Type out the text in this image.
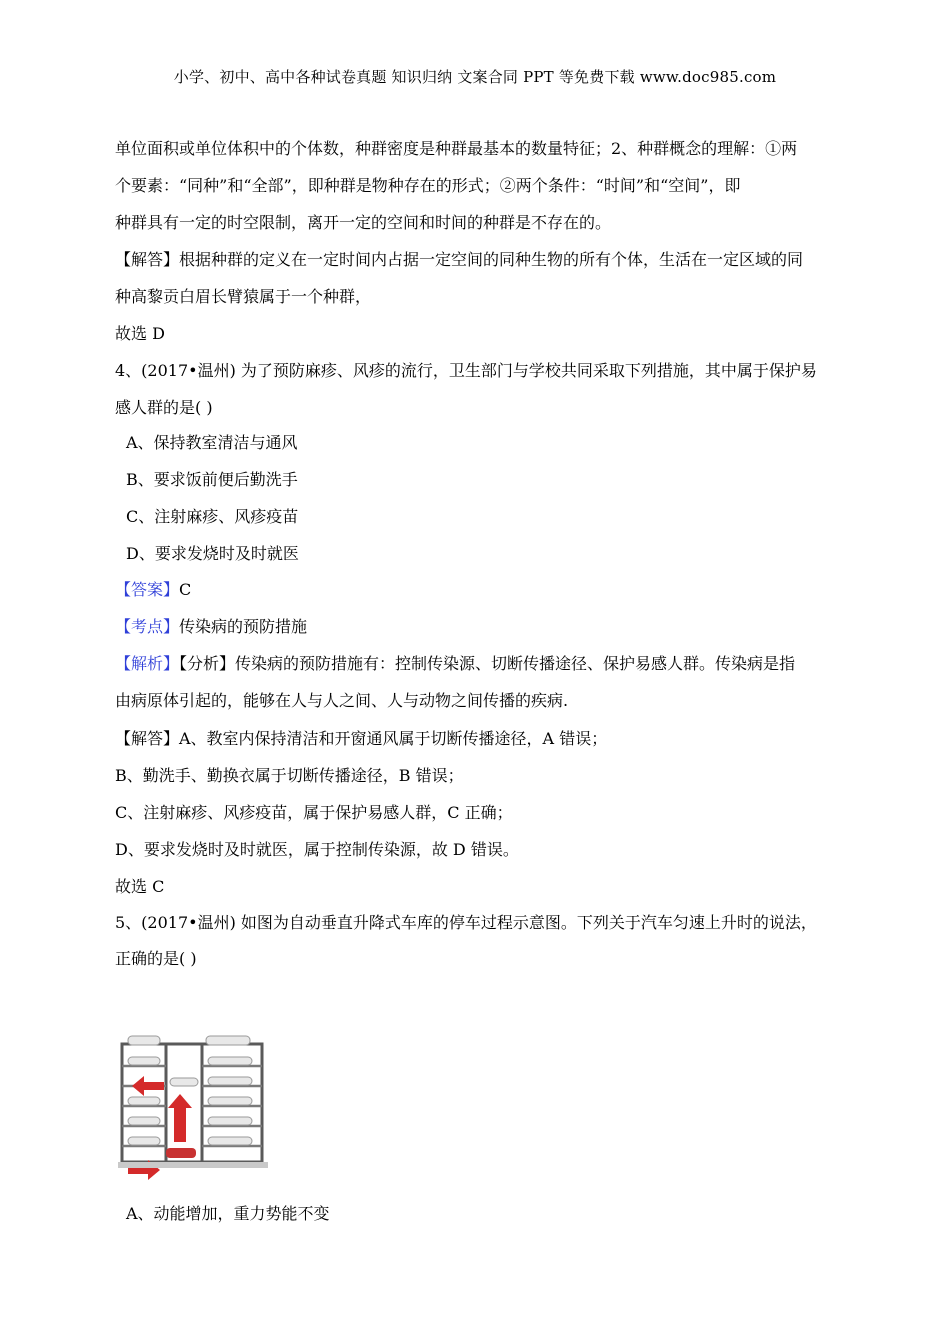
小学、初中、高中各种试卷真题 知识归纳 文案合同 PPT 等免费下载 www.doc985.com
单位面积或单位体积中的个体数，种群密度是种群最基本的数量特征；2、种群概念的理解：①两
个要素：“同种”和“全部”，即种群是物种存在的形式；②两个条件：“时间”和“空间”，即
种群具有一定的时空限制，离开一定的空间和时间的种群是不存在的。
【解答】根据种群的定义在一定时间内占据一定空间的同种生物的所有个体，生活在一定区域的同
种高黎贡白眉长臂猿属于一个种群，
故选 D
4、(2017•温州) 为了预防麻疹、风疹的流行，卫生部门与学校共同采取下列措施，其中属于保护易
感人群的是( )
A、保持教室清洁与通风
B、要求饭前便后勤洗手
C、注射麻疹、风疹疫苗
D、要求发烧时及时就医
【答案】C
【考点】传染病的预防措施
【解析】【分析】传染病的预防措施有：控制传染源、切断传播途径、保护易感人群。传染病是指
由病原体引起的，能够在人与人之间、人与动物之间传播的疾病.
【解答】A、教室内保持清洁和开窗通风属于切断传播途径，A 错误；
B、勤洗手、勤换衣属于切断传播途径，B 错误；
C、注射麻疹、风疹疫苗，属于保护易感人群，C 正确；
D、要求发烧时及时就医，属于控制传染源，故 D 错误。
故选 C
5、(2017•温州) 如图为自动垂直升降式车库的停车过程示意图。下列关于汽车匀速上升时的说法，
正确的是( )
A、动能增加，重力势能不变
